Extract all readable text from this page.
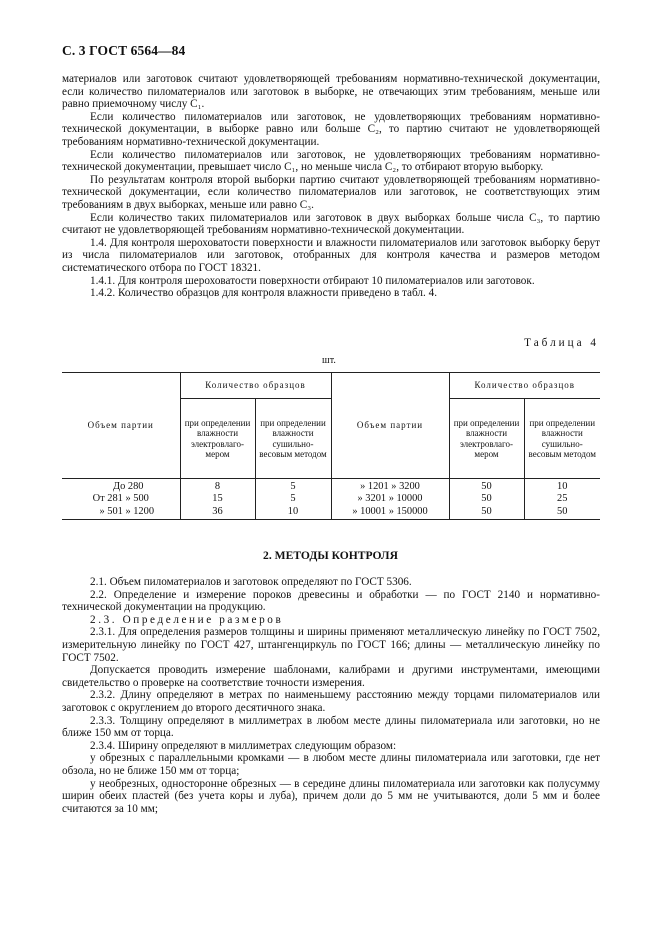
С. 3 ГОСТ 6564—84

материалов или заготовок считают удовлетворяющей требованиям нормативно-технической документации, если количество пиломатериалов или заготовок в выборке, не отвечающих этим требованиям, меньше или равно приемочному числу С₁.

Если количество пиломатериалов или заготовок, не удовлетворяющих требованиям нормативно-технической документации, в выборке равно или больше С₂, то партию считают не удовлетворяющей требованиям нормативно-технической документации.

Если количество пиломатериалов или заготовок, не удовлетворяющих требованиям нормативно-технической документации, превышает число С₁, но меньше числа С₂, то отбирают вторую выборку.

По результатам контроля второй выборки партию считают удовлетворяющей требованиям нормативно-технической документации, если количество пиломатериалов или заготовок, не соответствующих этим требованиям в двух выборках, меньше или равно С₃.

Если количество таких пиломатериалов или заготовок в двух выборках больше числа С₃, то партию считают не удовлетворяющей требованиям нормативно-технической документации.

1.4. Для контроля шероховатости поверхности и влажности пиломатериалов или заготовок выборку берут из числа пиломатериалов или заготовок, отобранных для контроля качества и размеров методом систематического отбора по ГОСТ 18321.

1.4.1. Для контроля шероховатости поверхности отбирают 10 пиломатериалов или заготовок.

1.4.2. Количество образцов для контроля влажности приведено в табл. 4.

Таблица 4
шт.
Объем партии	Количество образцов		Объем партии	Количество образцов	
	при определении влажности электровлаго-мером	при определении влажности сушильно-весовым методом		при определении влажности электровлаго-мером	при определении влажности сушильно-весовым методом
До 280	8	5	» 1201 » 3200	50	10
От 281 » 500	15	5	» 3201 » 10000	50	25
» 501 » 1200	36	10	» 10001 » 150000	50	50
2. МЕТОДЫ КОНТРОЛЯ

2.1. Объем пиломатериалов и заготовок определяют по ГОСТ 5306.

2.2. Определение и измерение пороков древесины и обработки — по ГОСТ 2140 и нормативно-технической документации на продукцию.

2.3. Определение размеров

2.3.1. Для определения размеров толщины и ширины применяют металлическую линейку по ГОСТ 7502, измерительную линейку по ГОСТ 427, штангенциркуль по ГОСТ 166; длины — металлическую линейку по ГОСТ 7502.

Допускается проводить измерение шаблонами, калибрами и другими инструментами, имеющими свидетельство о проверке на соответствие точности измерения.

2.3.2. Длину определяют в метрах по наименьшему расстоянию между торцами пиломатериалов или заготовок с округлением до второго десятичного знака.

2.3.3. Толщину определяют в миллиметрах в любом месте длины пиломатериала или заготовки, но не ближе 150 мм от торца.

2.3.4. Ширину определяют в миллиметрах следующим образом:

у обрезных с параллельными кромками — в любом месте длины пиломатериала или заготовки, где нет обзола, но не ближе 150 мм от торца;

у необрезных, односторонне обрезных — в середине длины пиломатериала или заготовки как полусумму ширин обеих пластей (без учета коры и луба), причем доли до 5 мм не учитываются, доли 5 мм и более считаются за 10 мм;
